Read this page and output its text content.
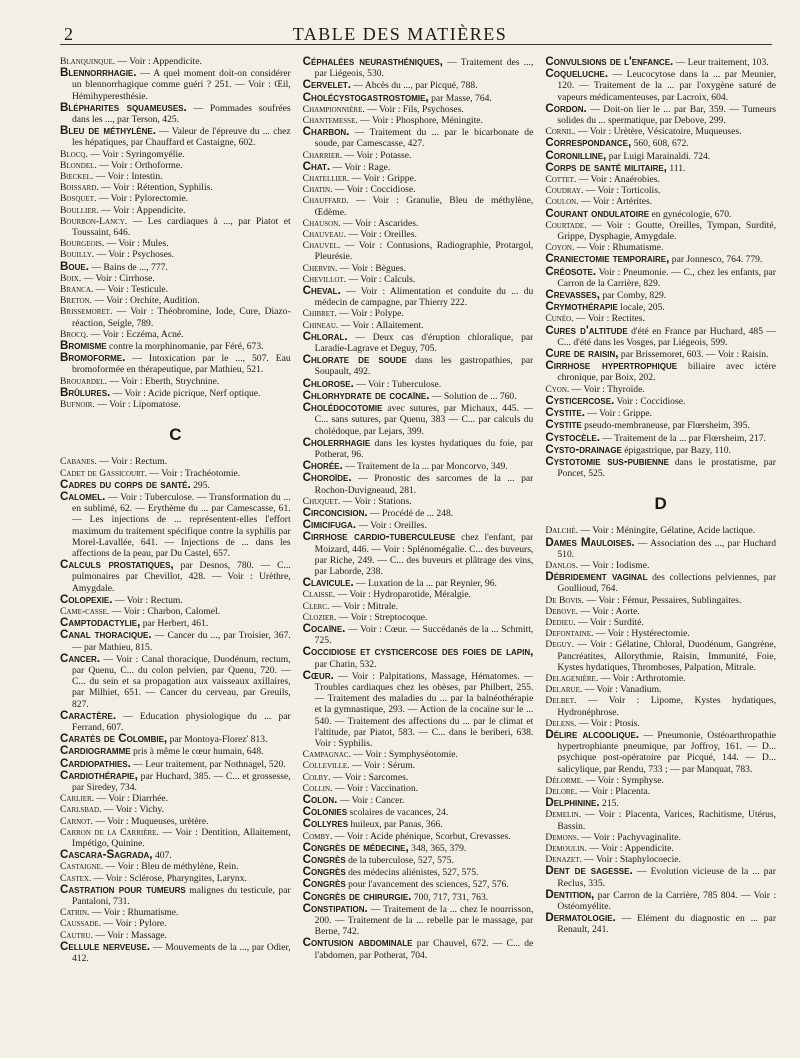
2	TABLE DES MATIÈRES

Blanquinque. — Voir : Appendicite.

Blennorrhagie. — A quel moment doit-on considérer un blennorrhagique comme guéri ? 251. — Voir : Œil, Hémihyperesthésie.

Blépharites squameuses. — Pommades soufrées dans les ..., par Terson, 425.

Bleu de méthylène. — Valeur de l'épreuve du ... chez les hépatiques, par Chauffard et Castaigne, 602.

Blocq. — Voir : Syringomyélie.

Blondel. — Voir : Orthoforme.

Bœckel. — Voir : Intestin.

Boissard. — Voir : Rétention, Syphilis.

Bosquet. — Voir : Pylorectomie.

Boullier. — Voir : Appendicite.

Bourbon-Lancy. — Les cardiaques à ..., par Piatot et Toussaint, 646.

Bourgeois. — Voir : Mules.

Bouilly. — Voir : Psychoses.

Boue. — Bains de ..., 777.

Boix. — Voir : Cirrhose.

Branca. — Voir : Testicule.

Breton. — Voir : Orchite, Audition.

Brissemoret. — Voir : Théobromine, Iode, Cure, Diazo-réaction, Seigle, 789.

Brocq. — Voir : Eczéma, Acné.

Bromisme contre la morphinomanie, par Féré, 673.

Bromoforme. — Intoxication par le ..., 507. Eau bromoformée en thérapeutique, par Mathieu, 521.

Brouardel. — Voir : Eberth, Strychnine.

Brûlures. — Voir : Acide picrique, Nerf optique.

Bufnoir. — Voir : Lipomatose.

C

Cabanes. — Voir : Rectum.

Cadet de Gassicourt. — Voir : Trachéotomie.

Cadres du corps de santé. 295.

Calomel. — Voir : Tuberculose. — Transformation du ... en sublimé, 62. — Erythème du ... par Camescasse, 61. — Les injections de ... représentent-elles l'effort maximum du traitement spécifique contre la syphilis par Morel-Lavallée, 641. — Injections de ... dans les affections de la peau, par Du Castel, 657.

Calculs prostatiques, par Desnos, 780. — C... pulmonaires par Chevillot, 428. — Voir : Urèthre, Amygdale.

Colopexie. — Voir : Rectum.

Came-casse. — Voir : Charbon, Calomel.

Camptodactylie, par Herbert, 461.

Canal thoracique. — Cancer du ..., par Troisier, 367. — par Mathieu, 815.

Cancer. — Voir : Canal thoracique, Duodénum, rectum, par Quenu, C... du colon pelvien, par Quenu, 720. — C... du sein et sa propagation aux vaisseaux axillaires, par Milhiet, 651. — Cancer du cerveau, par Greuils, 827.

Caractère. — Education physiologique du ... par Ferrand, 607.

Caratés de Colombie, par Montoya-Florez' 813.

Cardiogramme pris à même le cœur humain, 648.

Cardiopathies. — Leur traitement, par Nothnagel, 520.

Cardiothérapie, par Huchard, 385. — C... et grossesse, par Siredey, 734.

Carlier. — Voir : Diarrhée.

Carlsbad. — Voir : Vichy.

Carnot. — Voir : Muqueuses, urètère.

Carron de la Carrière. — Voir : Dentition, Allaitement, Impétigo, Quinine.

Cascara-Sagrada, 407.

Castaigne. — Voir : Bleu de méthylène, Rein.

Castex. — Voir : Sclérose, Pharyngites, Larynx.

Castration pour tumeurs malignes du testicule, par Pantaloni, 731.

Catrin. — Voir : Rhumatisme.

Caussade. — Voir : Pylore.

Cautru. — Voir : Massage.

Cellule nerveuse. — Mouvements de la ..., par Odier, 412.

Céphalées neurasthéniques, — Traitement des ..., par Liégeois, 530.

Cervelet. — Abcès du ..., par Picqué, 788.

Cholécystogastrostomie, par Masse, 764.

Championnière. — Voir : Fils, Psychoses.

Chantemesse. — Voir : Phosphore, Méningite.

Charbon. — Traitement du ... par le bicarbonate de soude, par Camescasse, 427.

Charrier. — Voir : Potasse.

Chat. — Voir : Rage.

Chatellier. — Voir : Grippe.

Chatin. — Voir : Coccidiose.

Chauffard. — Voir : Granulie, Bleu de méthylène, Œdème.

Chauson. — Voir : Ascarides.

Chauveau. — Voir : Oreilles.

Chauvel. — Voir : Contusions, Radiographie, Protargol, Pleurésie.

Chervin. — Voir : Bègues.

Chevillot. — Voir : Calculs.

Cheval. — Voir : Alimentation et conduite du ... du médecin de campagne, par Thierry 222.

Chibret. — Voir : Polype.

Chineau. — Voir : Allaitement.

Chloral. — Deux cas d'éruption chloralique, par Laradie-Lagrave et Deguy, 705.

Chlorate de soude dans les gastropathies, par Soupault, 492.

Chlorose. — Voir : Tuberculose.

Chlorhydrate de cocaïne. — Solution de ... 760.

Cholédocotomie avec sutures, par Michaux, 445. — C... sans sutures, par Quenu, 383 — C... par calculs du cholédoque, par Lejars, 399.

Cholerrhagie dans les kystes hydatiques du foie, par Potherat, 96.

Chorée. — Traitement de la ... par Moncorvo, 349.

Choroïde. — Pronostic des sarcomes de la ... par Rochon-Duvigneaud, 281.

Chuquet. — Voir : Stations.

Circoncision. — Procédé de ... 248.

Cimicifuga. — Voir : Oreilles.

Cirrhose cardio-tuberculeuse chez l'enfant, par Moizard, 446. — Voir : Splénomégalie. C... des buveurs, par Riche, 249. — C... des buveurs et plâtrage des vins, par Laborde, 238.

Clavicule. — Luxation de la ... par Reynier, 96.

Claisse. — Voir : Hydroparotide, Méralgie.

Clerc. — Voir : Mitrale.

Clozier. — Voir : Streptocoque.

Cocaïne. — Voir : Cœur. — Succédanés de la ... Schmitt, 725.

Coccidiose et cysticercose des foies de lapin, par Chatin, 532.

Cœur. — Voir : Palpitations, Massage, Hématomes. — Troubles cardiaques chez les obèses, par Philbert, 255. — Traitement des maladies du ... par la balnéothérapie et la gymnastique, 293. — Action de la cocaïne sur le ... 540. — Traitement des affections du ... par le climat et l'altitude, par Piatot, 583. — C... dans le beriberi, 638. Voir : Syphilis.

Campagnac. — Voir : Symphyséotomie.

Colleville. — Voir : Sérum.

Colby. — Voir : Sarcomes.

Collin. — Voir : Vaccination.

Colon. — Voir : Cancer.

Colonies scolaires de vacances, 24.

Collyres huileux, par Panas, 366.

Comby. — Voir : Acide phénique, Scorbut, Crevasses.

Congrès de médecine, 348, 365, 379.

Congrès de la tuberculose, 527, 575.

Congrès des médecins aliénistes, 527, 575.

Congrès pour l'avancement des sciences, 527, 576.

Congrès de chirurgie. 700, 717, 731, 763.

Constipation. — Traitement de la ... chez le nourrisson, 200. — Traitement de la ... rebelle par le massage, par Berne, 742.

Contusion abdominale par Chauvel, 672. — C... de l'abdomen, par Potherat, 704.

Convulsions de l'enfance. — Leur traitement, 103.

Coqueluche. — Leucocytose dans la ... par Meunier, 120. — Traitement de la ... par l'oxygène saturé de vapeurs médicamenteuses, par Lacroix, 604.

Cordon. — Doit-on lier le ... par Bar, 359. — Tumeurs solides du ... spermatique, par Debove, 299.

Cornil. — Voir : Urètère, Vésicatoire, Muqueuses.

Correspondance, 560, 608, 672.

Coronilline, par Luigi Marainaldi. 724.

Corps de santé militaire, 111.

Cottet. — Voir : Anaérobies.

Coudray. — Voir : Torticolis.

Coulon. — Voir : Artérites.

Courant ondulatoire en gynécologie, 670.

Courtade. — Voir : Goutte, Oreilles, Tympan, Surdité, Grippe, Dysphagie, Amygdale.

Coyon. — Voir : Rhumatisme.

Craniectomie temporaire, par Jonnesco, 764. 779.

Créosote. Voir : Pneumonie. — C., chez les enfants, par Carron de la Carrière, 829.

Crevasses, par Comby, 829.

Crymothérapie locale, 205.

Cunéo. — Voir : Rectites.

Cures d'altitude d'été en France par Huchard, 485 — C... d'été dans les Vosges, par Liégeois, 599.

Cure de raisin, par Brissemoret, 603. — Voir : Raisin.

Cirrhose hypertrophique biliaire avec ictère chronique, par Boix, 202.

Cyon. — Voir : Thyroïde.

Cysticercose. Voir : Coccidiose.

Cystite. — Voir : Grippe.

Cystite pseudo-membraneuse, par Flœrsheim, 395.

Cystocèle. — Traitement de la ... par Flœrsheim, 217.

Cysto-drainage épigastrique, par Bazy, 110.

Cystotomie sus-pubienne dans le prostatisme, par Poncet, 525.

D

Dalché. — Voir : Méningite, Gélatine, Acide lactique.

Dames Mauloises. — Association des ..., par Huchard 510.

Danlos. — Voir : Iodisme.

Débridement vaginal des collections pelviennes, par Goullioud, 764.

De Bovis. — Voir : Fémur, Pessaires, Sublingaites.

Debove. — Voir : Aorte.

Dedieu. — Voir : Surdité.

Defontaine. — Voir : Hystérectomie.

Deguy. — Voir : Gélatine, Chloral, Duodénum, Gangrène, Pancréatites, Allorythmie, Raisin, Immunité, Foie, Kystes hydatiques, Thromboses, Palpation, Mitrale.

Delagenière. — Voir : Arthrotomie.

Delarue. — Voir : Vanadium.

Delbet. — Voir : Lipome, Kystes hydatiques, Hydronéphrose.

Delens. — Voir : Ptosis.

Délire alcoolique. — Pneumonie, Ostéoarthropathie hypertrophiante pneumique, par Joffroy, 161. — D... psychique post-opératoire par Picqué, 144. — D... salicylique, par Rendu, 733 ; — par Manquat, 783.

Délorme. — Voir : Symphyse.

Delore. — Voir : Placenta.

Delphinine. 215.

Demelin. — Voir : Placenta, Varices, Rachitisme, Utérus, Bassin.

Demons. — Voir : Pachyvaginalite.

Demoulin. — Voir : Appendicite.

Denazet. — Voir : Staphylocoecie.

Dent de sagesse. — Evolution vicieuse de la ... par Reclus, 335.

Dentition, par Carron de la Carrière, 785 804. — Voir : Ostéomyélite.

Dermatologie. — Elément du diagnostic en ... par Renault, 241.
